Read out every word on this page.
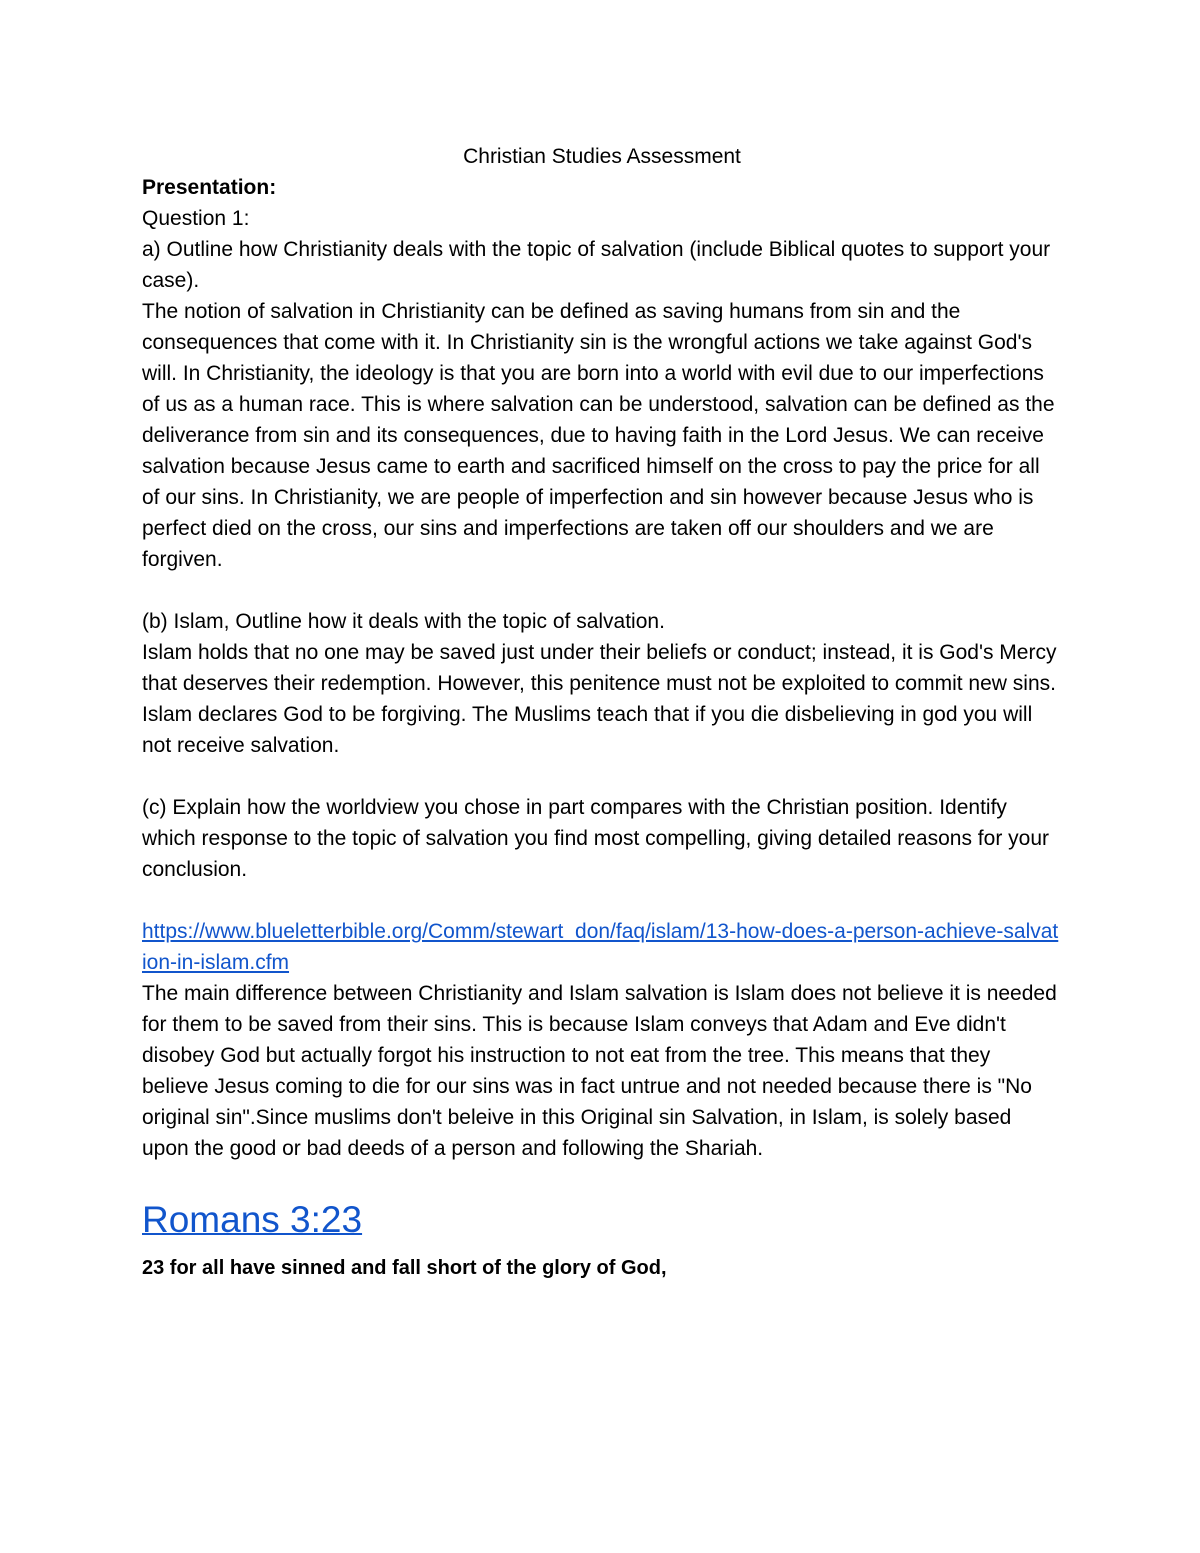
Christian Studies Assessment

Presentation:

Question 1:

a) Outline how Christianity deals with the topic of salvation (include Biblical quotes to support your case).

The notion of salvation in Christianity can be defined as saving humans from sin and the consequences that come with it. In Christianity sin is the wrongful actions we take against God's will. In Christianity, the ideology is that you are born into a world with evil due to our imperfections of us as a human race. This is where salvation can be understood, salvation can be defined as the deliverance from sin and its consequences, due to having faith in the Lord Jesus. We can receive salvation because Jesus came to earth and sacrificed himself on the cross to pay the price for all of our sins. In Christianity, we are people of imperfection and sin however because Jesus who is perfect died on the cross, our sins and imperfections are taken off our shoulders and we are forgiven.

(b) Islam, Outline how it deals with the topic of salvation.

Islam holds that no one may be saved just under their beliefs or conduct; instead, it is God's Mercy that deserves their redemption. However, this penitence must not be exploited to commit new sins. Islam declares God to be forgiving. The Muslims teach that if you die disbelieving in god you will not receive salvation.

(c) Explain how the worldview you chose in part compares with the Christian position. Identify which response to the topic of salvation you find most compelling, giving detailed reasons for your conclusion.

https://www.blueletterbible.org/Comm/stewart_don/faq/islam/13-how-does-a-person-achieve-salvation-in-islam.cfm

The main difference between Christianity and Islam salvation is Islam does not believe it is needed for them to be saved from their sins. This is because Islam conveys that Adam and Eve didn't disobey God but actually forgot his instruction to not eat from the tree. This means that they believe Jesus coming to die for our sins was in fact untrue and not needed because there is "No original sin".Since muslims don't beleive in this Original sin Salvation, in Islam, is solely based upon the good or bad deeds of a person and following the Shariah.

Romans 3:23

23 for all have sinned and fall short of the glory of God,
